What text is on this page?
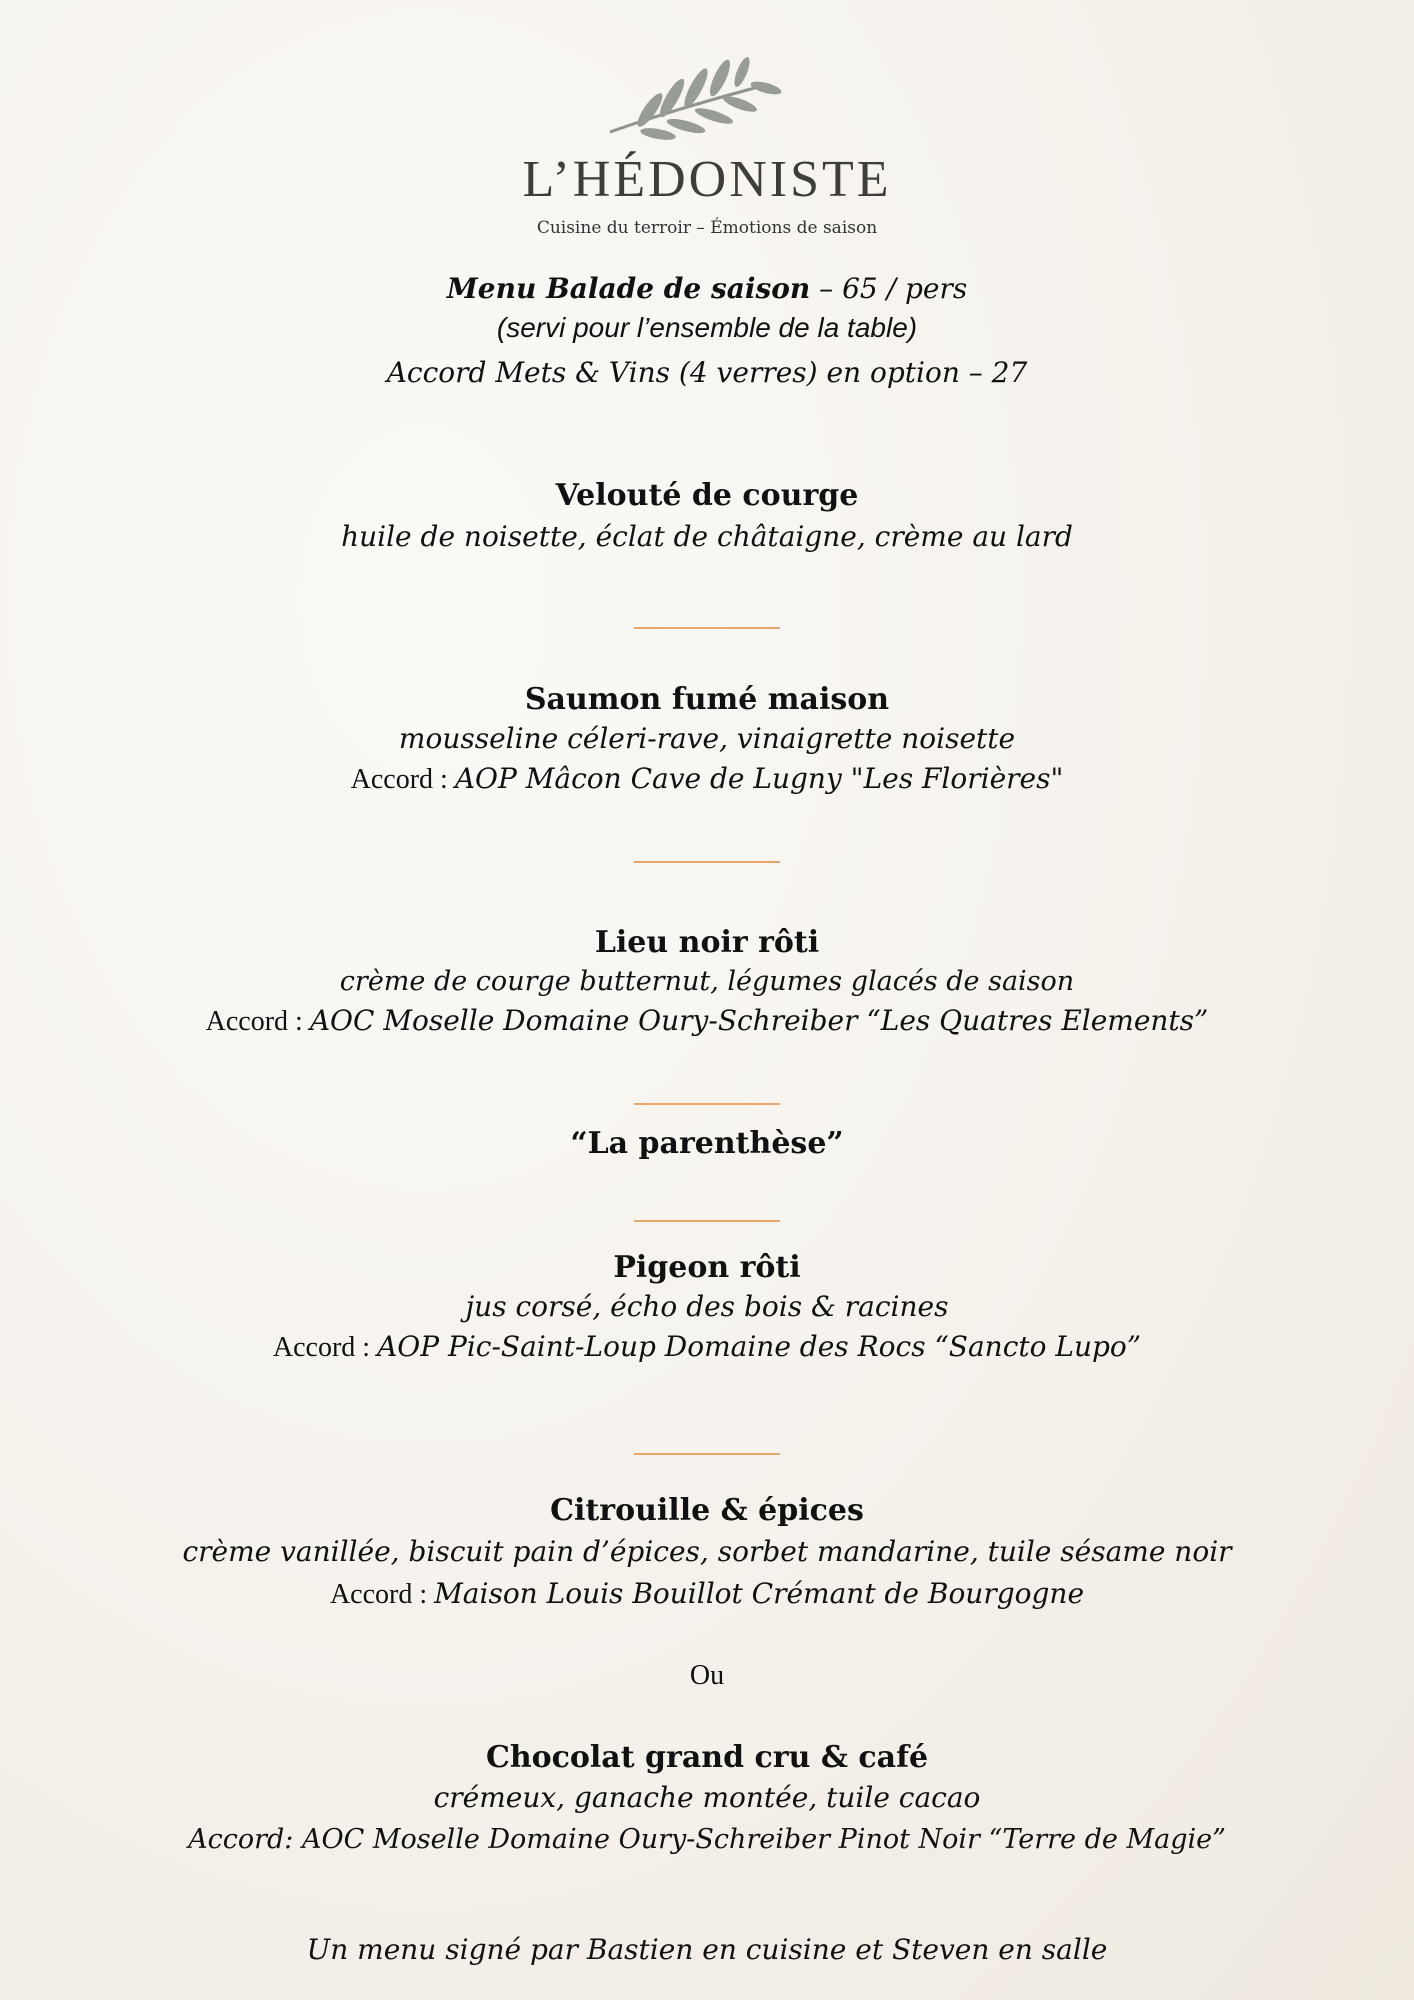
L’HÉDONISTE
Cuisine du terroir – Émotions de saison
Menu Balade de saison – 65 / pers
(servi pour l’ensemble de la table)
Accord Mets & Vins (4 verres) en option – 27
Velouté de courge
huile de noisette, éclat de châtaigne, crème au lard
Saumon fumé maison
mousseline céleri-rave, vinaigrette noisette
Accord : AOP Mâcon Cave de Lugny "Les Florières"
Lieu noir rôti
crème de courge butternut, légumes glacés de saison
Accord : AOC Moselle Domaine Oury-Schreiber “Les Quatres Elements”
“La parenthèse”
Pigeon rôti
jus corsé, écho des bois & racines
Accord : AOP Pic-Saint-Loup Domaine des Rocs “Sancto Lupo”
Citrouille & épices
crème vanillée, biscuit pain d’épices, sorbet mandarine, tuile sésame noir
Accord : Maison Louis Bouillot Crémant de Bourgogne
Ou
Chocolat grand cru & café
crémeux, ganache montée, tuile cacao
Accord: AOC Moselle Domaine Oury-Schreiber Pinot Noir “Terre de Magie”
Un menu signé par Bastien en cuisine et Steven en salle
